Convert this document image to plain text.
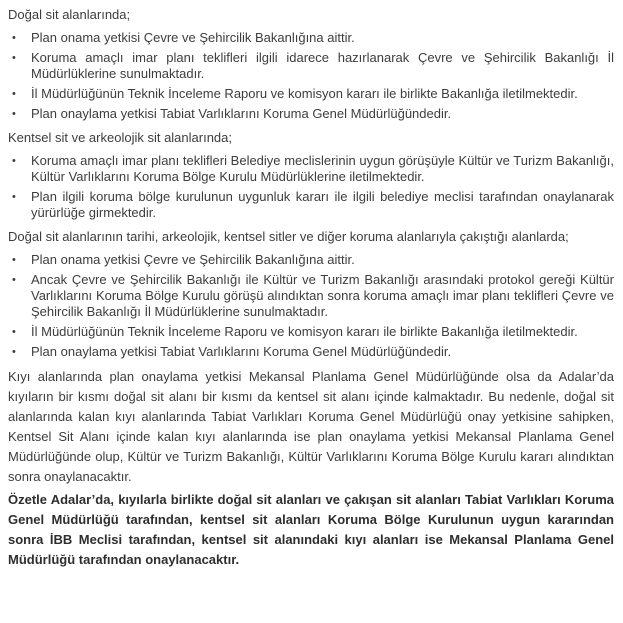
Doğal sit alanlarında;

• Plan onama yetkisi Çevre ve Şehircilik Bakanlığına aittir.
• Koruma amaçlı imar planı teklifleri ilgili idarece hazırlanarak Çevre ve Şehircilik Bakanlığı İl Müdürlüklerine sunulmaktadır.
• İl Müdürlüğünün Teknik İnceleme Raporu ve komisyon kararı ile birlikte Bakanlığa iletilmektedir.
• Plan onaylama yetkisi Tabiat Varlıklarını Koruma Genel Müdürlüğündedir.

Kentsel sit ve arkeolojik sit alanlarında;

• Koruma amaçlı imar planı teklifleri Belediye meclislerinin uygun görüşüyle Kültür ve Turizm Bakanlığı, Kültür Varlıklarını Koruma Bölge Kurulu Müdürlüklerine iletilmektedir.
• Plan ilgili koruma bölge kurulunun uygunluk kararı ile ilgili belediye meclisi tarafından onaylanarak yürürlüğe girmektedir.

Doğal sit alanlarının tarihi, arkeolojik, kentsel sitler ve diğer koruma alanlarıyla çakıştığı alanlarda;

• Plan onama yetkisi Çevre ve Şehircilik Bakanlığına aittir.
• Ancak Çevre ve Şehircilik Bakanlığı ile Kültür ve Turizm Bakanlığı arasındaki protokol gereği Kültür Varlıklarını Koruma Bölge Kurulu görüşü alındıktan sonra koruma amaçlı imar planı teklifleri Çevre ve Şehircilik Bakanlığı İl Müdürlüklerine sunulmaktadır.
• İl Müdürlüğünün Teknik İnceleme Raporu ve komisyon kararı ile birlikte Bakanlığa iletilmektedir.
• Plan onaylama yetkisi Tabiat Varlıklarını Koruma Genel Müdürlüğündedir.

Kıyı alanlarında plan onaylama yetkisi Mekansal Planlama Genel Müdürlüğünde olsa da Adalar’da kıyıların bir kısmı doğal sit alanı bir kısmı da kentsel sit alanı içinde kalmaktadır. Bu nedenle, doğal sit alanlarında kalan kıyı alanlarında Tabiat Varlıkları Koruma Genel Müdürlüğü onay yetkisine sahipken, Kentsel Sit Alanı içinde kalan kıyı alanlarında ise plan onaylama yetkisi Mekansal Planlama Genel Müdürlüğünde olup, Kültür ve Turizm Bakanlığı, Kültür Varlıklarını Koruma Bölge Kurulu kararı alındıktan sonra onaylanacaktır.

Özetle Adalar’da, kıyılarla birlikte doğal sit alanları ve çakışan sit alanları Tabiat Varlıkları Koruma Genel Müdürlüğü tarafından, kentsel sit alanları Koruma Bölge Kurulunun uygun kararından sonra İBB Meclisi tarafından, kentsel sit alanındaki kıyı alanları ise Mekansal Planlama Genel Müdürlüğü tarafından onaylanacaktır.
